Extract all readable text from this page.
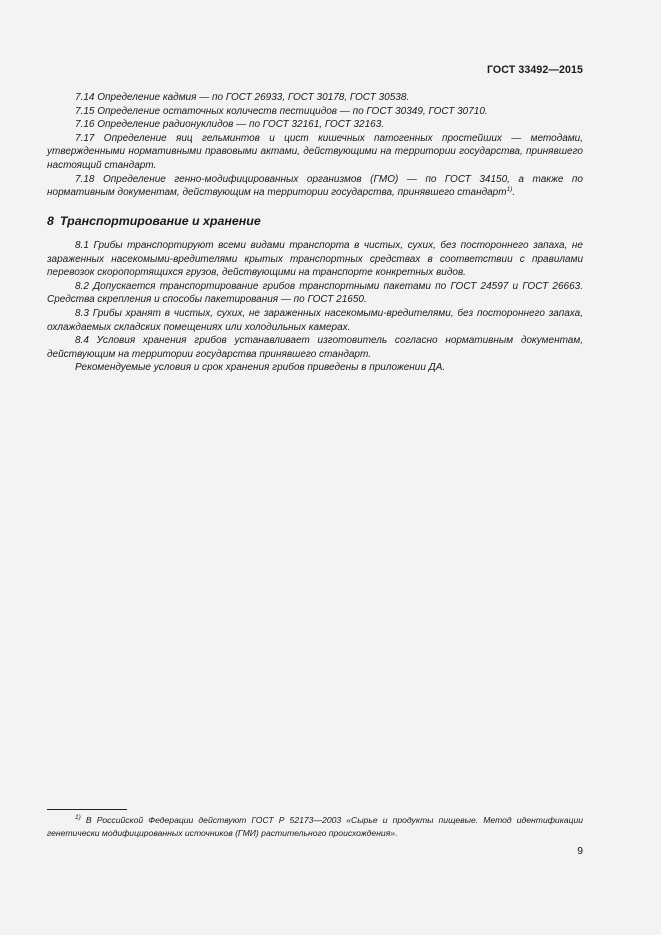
ГОСТ 33492—2015

7.14 Определение кадмия — по ГОСТ 26933, ГОСТ 30178, ГОСТ 30538.

7.15 Определение остаточных количеств пестицидов — по ГОСТ 30349, ГОСТ 30710.

7.16 Определение радионуклидов — по ГОСТ 32161, ГОСТ 32163.

7.17 Определение яиц гельминтов и цист кишечных патогенных простейших — методами, утвержденными нормативными правовыми актами, действующими на территории государства, принявшего настоящий стандарт.

7.18 Определение генно-модифицированных организмов (ГМО) — по ГОСТ 34150, а также по нормативным документам, действующим на территории государства, принявшего стандарт$^{1)}$.

8 Транспортирование и хранение

8.1 Грибы транспортируют всеми видами транспорта в чистых, сухих, без постороннего запаха, не зараженных насекомыми-вредителями крытых транспортных средствах в соответствии с правилами перевозок скоропортящихся грузов, действующими на транспорте конкретных видов.

8.2 Допускается транспортирование грибов транспортными пакетами по ГОСТ 24597 и ГОСТ 26663. Средства скрепления и способы пакетирования — по ГОСТ 21650.

8.3 Грибы хранят в чистых, сухих, не зараженных насекомыми-вредителями, без постороннего запаха, охлаждаемых складских помещениях или холодильных камерах.

8.4 Условия хранения грибов устанавливает изготовитель согласно нормативным документам, действующим на территории государства принявшего стандарт.

Рекомендуемые условия и срок хранения грибов приведены в приложении ДА.

$^{1)}$ В Российской Федерации действуют ГОСТ Р 52173—2003 «Сырье и продукты пищевые. Метод идентификации генетически модифицированных источников (ГМИ) растительного происхождения».

9
